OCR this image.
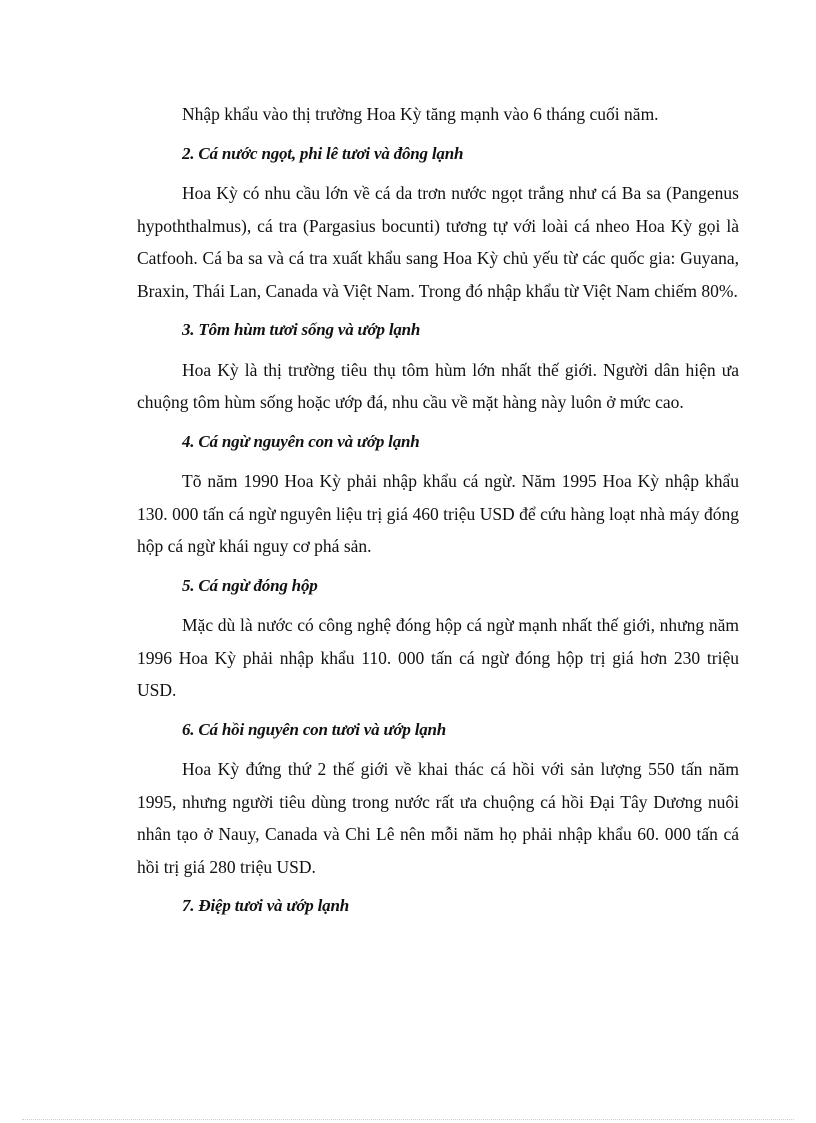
Nhập khẩu vào thị trường Hoa Kỳ tăng mạnh vào 6 tháng cuối năm.

2. Cá nước ngọt, phi lê tươi và đông lạnh

Hoa Kỳ có nhu cầu lớn về cá da trơn nước ngọt trắng như cá Ba sa (Pangenus hypoththalmus), cá tra (Pargasius bocunti) tương tự với loài cá nheo Hoa Kỳ gọi là Catfooh. Cá ba sa và cá tra xuất khẩu sang Hoa Kỳ chủ yếu từ các quốc gia: Guyana, Braxin, Thái Lan, Canada và Việt Nam. Trong đó nhập khẩu từ Việt Nam chiếm 80%.

3. Tôm hùm tươi sống và ướp lạnh

Hoa Kỳ là thị trường tiêu thụ tôm hùm lớn nhất thế giới. Người dân hiện ưa chuộng tôm hùm sống hoặc ướp đá, nhu cầu về mặt hàng này luôn ở mức cao.

4. Cá ngừ nguyên con và ướp lạnh

Tõ năm 1990 Hoa Kỳ phải nhập khẩu cá ngừ. Năm 1995 Hoa Kỳ nhập khẩu 130. 000 tấn cá ngừ nguyên liệu trị giá 460 triệu USD để cứu hàng loạt nhà máy đóng hộp cá ngừ khái nguy cơ phá sản.

5. Cá ngừ đóng hộp

Mặc dù là nước có công nghệ đóng hộp cá ngừ mạnh nhất thế giới, nhưng năm 1996 Hoa Kỳ phải nhập khẩu 110. 000 tấn cá ngừ đóng hộp trị giá hơn 230 triệu USD.

6. Cá hồi nguyên con tươi và ướp lạnh

Hoa Kỳ đứng thứ 2 thế giới về khai thác cá hồi với sản lượng 550 tấn năm 1995, nhưng người tiêu dùng trong nước rất ưa chuộng cá hồi Đại Tây Dương nuôi nhân tạo ở Nauy, Canada và Chi Lê nên mỗi năm họ phải nhập khẩu 60. 000 tấn cá hồi trị giá 280 triệu USD.

7. Điệp tươi và ướp lạnh
